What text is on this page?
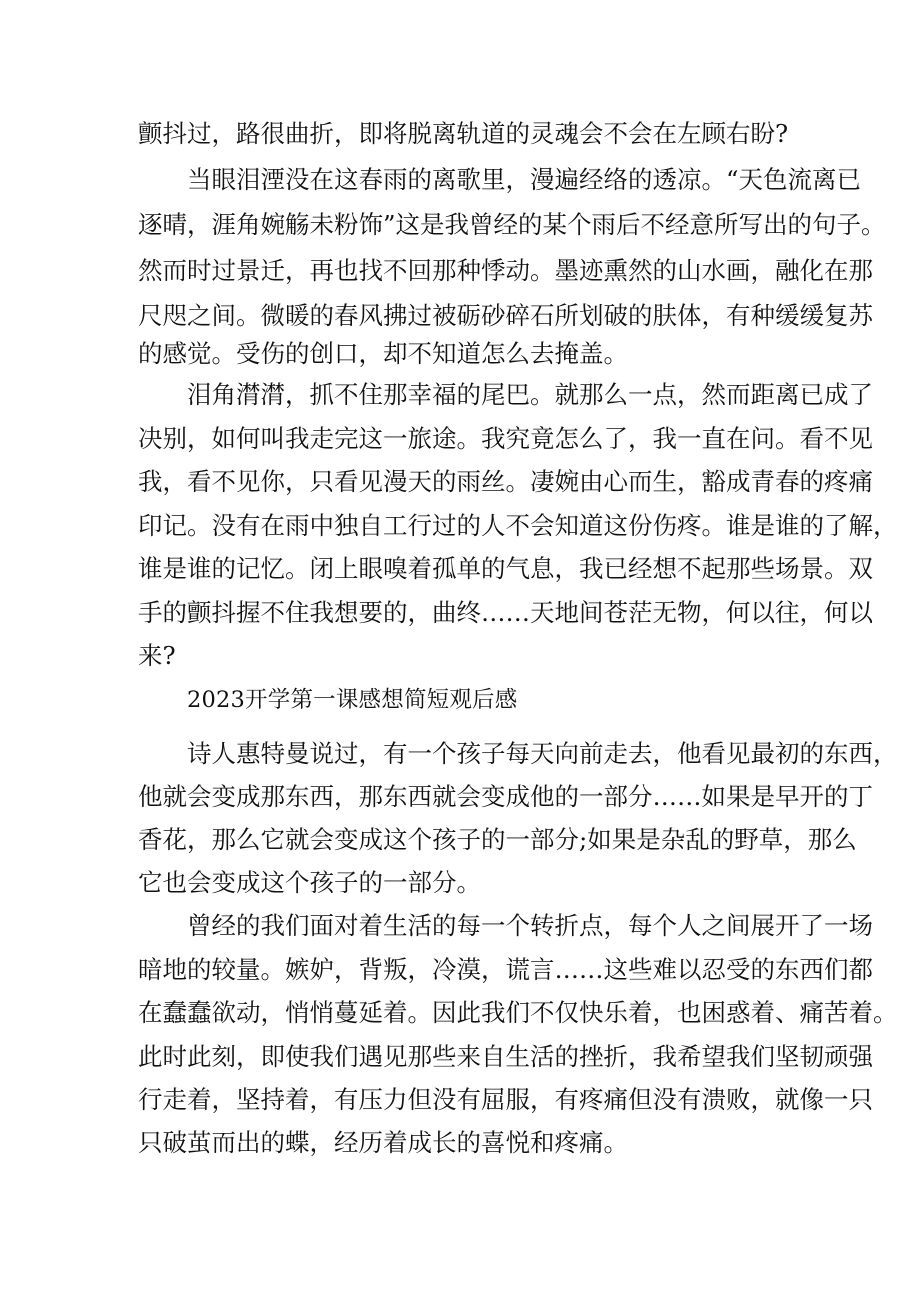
颤抖过，路很曲折，即将脱离轨道的灵魂会不会在左顾右盼?
当眼泪湮没在这春雨的离歌里，漫遍经络的透凉。“天色流离已
逐晴，涯角婉觞未粉饰”这是我曾经的某个雨后不经意所写出的句子。
然而时过景迁，再也找不回那种悸动。墨迹熏然的山水画，融化在那
尺咫之间。微暖的春风拂过被砺砂碎石所划破的肤体，有种缓缓复苏
的感觉。受伤的创口，却不知道怎么去掩盖。
泪角潸潸，抓不住那幸福的尾巴。就那么一点，然而距离已成了
决别，如何叫我走完这一旅途。我究竟怎么了，我一直在问。看不见
我，看不见你，只看见漫天的雨丝。凄婉由心而生，豁成青春的疼痛
印记。没有在雨中独自工行过的人不会知道这份伤疼。谁是谁的了解，
谁是谁的记忆。闭上眼嗅着孤单的气息，我已经想不起那些场景。双
手的颤抖握不住我想要的，曲终……天地间苍茫无物，何以往，何以
来?
2023开学第一课感想简短观后感
诗人惠特曼说过，有一个孩子每天向前走去，他看见最初的东西，
他就会变成那东西，那东西就会变成他的一部分……如果是早开的丁
香花，那么它就会变成这个孩子的一部分;如果是杂乱的野草，那么
它也会变成这个孩子的一部分。
曾经的我们面对着生活的每一个转折点，每个人之间展开了一场
暗地的较量。嫉妒，背叛，冷漠，谎言……这些难以忍受的东西们都
在蠢蠢欲动，悄悄蔓延着。因此我们不仅快乐着，也困惑着、痛苦着。
此时此刻，即使我们遇见那些来自生活的挫折，我希望我们坚韧顽强
行走着，坚持着，有压力但没有屈服，有疼痛但没有溃败，就像一只
只破茧而出的蝶，经历着成长的喜悦和疼痛。
